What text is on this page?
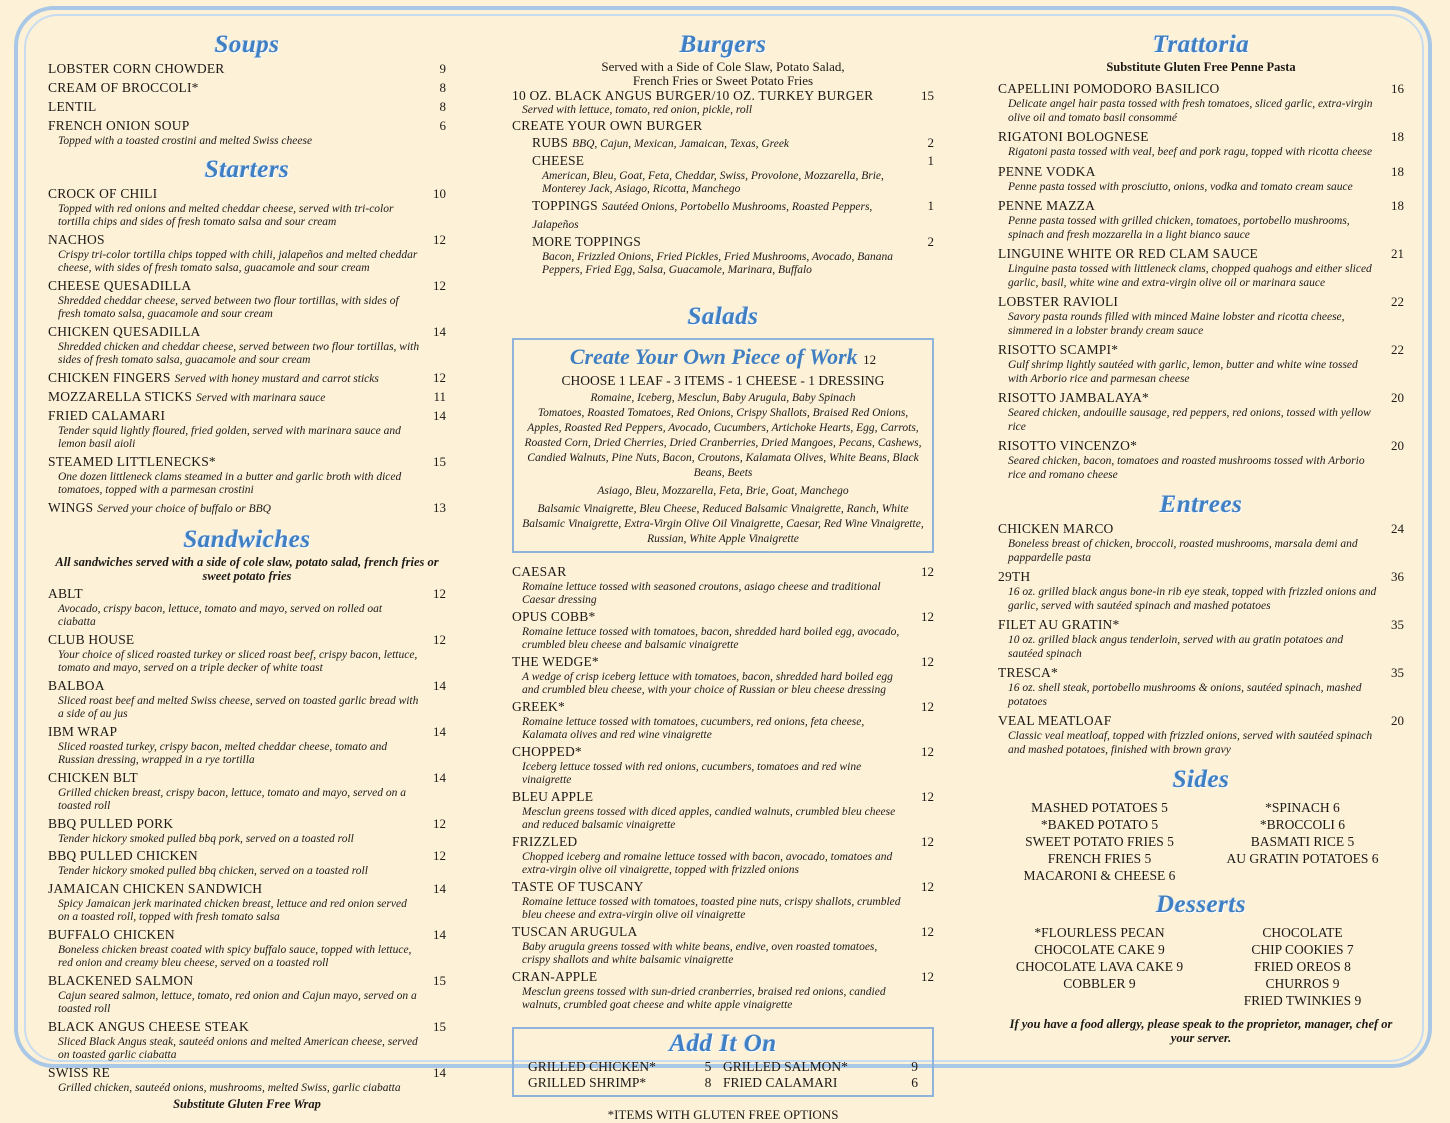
Soups
LOBSTER CORN CHOWDER	9
CREAM OF BROCCOLI*	8
LENTIL	8
FRENCH ONION SOUP	6
Topped with a toasted crostini and melted Swiss cheese
Starters
CROCK OF CHILI	10
Topped with red onions and melted cheddar cheese, served with tri-color tortilla chips and sides of fresh tomato salsa and sour cream
NACHOS	12
Crispy tri-color tortilla chips topped with chili, jalapeños and melted cheddar cheese, with sides of fresh tomato salsa, guacamole and sour cream
CHEESE QUESADILLA	12
Shredded cheddar cheese, served between two flour tortillas, with sides of fresh tomato salsa, guacamole and sour cream
CHICKEN QUESADILLA	14
Shredded chicken and cheddar cheese, served between two flour tortillas, with sides of fresh tomato salsa, guacamole and sour cream
CHICKEN FINGERS Served with honey mustard and carrot sticks	12
MOZZARELLA STICKS Served with marinara sauce	11
FRIED CALAMARI	14
Tender squid lightly floured, fried golden, served with marinara sauce and lemon basil aioli
STEAMED LITTLENECKS*	15
One dozen littleneck clams steamed in a butter and garlic broth with diced tomatoes, topped with a parmesan crostini
WINGS Served your choice of buffalo or BBQ	13
Sandwiches
All sandwiches served with a side of cole slaw, potato salad, french fries or sweet potato fries
ABLT	12
Avocado, crispy bacon, lettuce, tomato and mayo, served on rolled oat ciabatta
CLUB HOUSE	12
Your choice of sliced roasted turkey or sliced roast beef, crispy bacon, lettuce, tomato and mayo, served on a triple decker of white toast
BALBOA	14
Sliced roast beef and melted Swiss cheese, served on toasted garlic bread with a side of au jus
IBM WRAP	14
Sliced roasted turkey, crispy bacon, melted cheddar cheese, tomato and Russian dressing, wrapped in a rye tortilla
CHICKEN BLT	14
Grilled chicken breast, crispy bacon, lettuce, tomato and mayo, served on a toasted roll
BBQ PULLED PORK	12
Tender hickory smoked pulled bbq pork, served on a toasted roll
BBQ PULLED CHICKEN	12
Tender hickory smoked pulled bbq chicken, served on a toasted roll
JAMAICAN CHICKEN SANDWICH	14
Spicy Jamaican jerk marinated chicken breast, lettuce and red onion served on a toasted roll, topped with fresh tomato salsa
BUFFALO CHICKEN	14
Boneless chicken breast coated with spicy buffalo sauce, topped with lettuce, red onion and creamy bleu cheese, served on a toasted roll
BLACKENED SALMON	15
Cajun seared salmon, lettuce, tomato, red onion and Cajun mayo, served on a toasted roll
BLACK ANGUS CHEESE STEAK	15
Sliced Black Angus steak, sauteéd onions and melted American cheese, served on toasted garlic ciabatta
SWISS RE	14
Grilled chicken, sauteéd onions, mushrooms, melted Swiss, garlic ciabatta
Substitute Gluten Free Wrap
Burgers
Served with a Side of Cole Slaw, Potato Salad, French Fries or Sweet Potato Fries
10 OZ. BLACK ANGUS BURGER/10 OZ. TURKEY BURGER	15
Served with lettuce, tomato, red onion, pickle, roll
CREATE YOUR OWN BURGER
RUBS BBQ, Cajun, Mexican, Jamaican, Texas, Greek	2
CHEESE	1
American, Bleu, Goat, Feta, Cheddar, Swiss, Provolone, Mozzarella, Brie, Monterey Jack, Asiago, Ricotta, Manchego
TOPPINGS Sautéed Onions, Portobello Mushrooms, Roasted Peppers, Jalapeños
1
MORE TOPPINGS	2
Bacon, Frizzled Onions, Fried Pickles, Fried Mushrooms, Avocado, Banana Peppers, Fried Egg, Salsa, Guacamole, Marinara, Buffalo
Salads
Create Your Own Piece of Work 12
CHOOSE 1 LEAF - 3 ITEMS - 1 CHEESE - 1 DRESSING
Romaine, Iceberg, Mesclun, Baby Arugula, Baby Spinach
Tomatoes, Roasted Tomatoes, Red Onions, Crispy Shallots, Braised Red Onions, Apples, Roasted Red Peppers, Avocado, Cucumbers, Artichoke Hearts, Egg, Carrots, Roasted Corn, Dried Cherries, Dried Cranberries, Dried Mangoes, Pecans, Cashews, Candied Walnuts, Pine Nuts, Bacon, Croutons, Kalamata Olives, White Beans, Black Beans, Beets
Asiago, Bleu, Mozzarella, Feta, Brie, Goat, Manchego
Balsamic Vinaigrette, Bleu Cheese, Reduced Balsamic Vinaigrette, Ranch, White Balsamic Vinaigrette, Extra-Virgin Olive Oil Vinaigrette, Caesar, Red Wine Vinaigrette, Russian, White Apple Vinaigrette
CAESAR	12
Romaine lettuce tossed with seasoned croutons, asiago cheese and traditional Caesar dressing
OPUS COBB*	12
Romaine lettuce tossed with tomatoes, bacon, shredded hard boiled egg, avocado, crumbled bleu cheese and balsamic vinaigrette
THE WEDGE*	12
A wedge of crisp iceberg lettuce with tomatoes, bacon, shredded hard boiled egg and crumbled bleu cheese, with your choice of Russian or bleu cheese dressing
GREEK*	12
Romaine lettuce tossed with tomatoes, cucumbers, red onions, feta cheese, Kalamata olives and red wine vinaigrette
CHOPPED*	12
Iceberg lettuce tossed with red onions, cucumbers, tomatoes and red wine vinaigrette
BLEU APPLE	12
Mesclun greens tossed with diced apples, candied walnuts, crumbled bleu cheese and reduced balsamic vinaigrette
FRIZZLED	12
Chopped iceberg and romaine lettuce tossed with bacon, avocado, tomatoes and extra-virgin olive oil vinaigrette, topped with frizzled onions
TASTE OF TUSCANY	12
Romaine lettuce tossed with tomatoes, toasted pine nuts, crispy shallots, crumbled bleu cheese and extra-virgin olive oil vinaigrette
TUSCAN ARUGULA	12
Baby arugula greens tossed with white beans, endive, oven roasted tomatoes, crispy shallots and white balsamic vinaigrette
CRAN-APPLE	12
Mesclun greens tossed with sun-dried cranberries, braised red onions, candied walnuts, crumbled goat cheese and white apple vinaigrette
Add It On
GRILLED CHICKEN*	5 GRILLED SALMON*	9
GRILLED SHRIMP*	8 FRIED CALAMARI	6
*ITEMS WITH GLUTEN FREE OPTIONS
Trattoria
Substitute Gluten Free Penne Pasta
CAPELLINI POMODORO BASILICO	16
Delicate angel hair pasta tossed with fresh tomatoes, sliced garlic, extra-virgin olive oil and tomato basil consommé
RIGATONI BOLOGNESE	18
Rigatoni pasta tossed with veal, beef and pork ragu, topped with ricotta cheese
PENNE VODKA	18
Penne pasta tossed with prosciutto, onions, vodka and tomato cream sauce
PENNE MAZZA	18
Penne pasta tossed with grilled chicken, tomatoes, portobello mushrooms, spinach and fresh mozzarella in a light bianco sauce
LINGUINE WHITE OR RED CLAM SAUCE	21
Linguine pasta tossed with littleneck clams, chopped quahogs and either sliced garlic, basil, white wine and extra-virgin olive oil or marinara sauce
LOBSTER RAVIOLI	22
Savory pasta rounds filled with minced Maine lobster and ricotta cheese, simmered in a lobster brandy cream sauce
RISOTTO SCAMPI*	22
Gulf shrimp lightly sautéed with garlic, lemon, butter and white wine tossed with Arborio rice and parmesan cheese
RISOTTO JAMBALAYA*	20
Seared chicken, andouille sausage, red peppers, red onions, tossed with yellow rice
RISOTTO VINCENZO*	20
Seared chicken, bacon, tomatoes and roasted mushrooms tossed with Arborio rice and romano cheese
Entrees
CHICKEN MARCO	24
Boneless breast of chicken, broccoli, roasted mushrooms, marsala demi and pappardelle pasta
29TH	36
16 oz. grilled black angus bone-in rib eye steak, topped with frizzled onions and garlic, served with sautéed spinach and mashed potatoes
FILET AU GRATIN*	35
10 oz. grilled black angus tenderloin, served with au gratin potatoes and sautéed spinach
TRESCA*	35
16 oz. shell steak, portobello mushrooms & onions, sautéed spinach, mashed potatoes
VEAL MEATLOAF	20
Classic veal meatloaf, topped with frizzled onions, served with sautéed spinach and mashed potatoes, finished with brown gravy
Sides
MASHED POTATOES 5	*SPINACH 6
*BAKED POTATO 5	*BROCCOLI 6
SWEET POTATO FRIES 5	BASMATI RICE 5
FRENCH FRIES 5	AU GRATIN POTATOES 6
MACARONI & CHEESE 6
Desserts
*FLOURLESS PECAN	CHOCOLATE
CHOCOLATE CAKE 9	CHIP COOKIES 7
CHOCOLATE LAVA CAKE 9	FRIED OREOS 8
COBBLER 9	CHURROS 9
FRIED TWINKIES 9
If you have a food allergy, please speak to the proprietor, manager, chef or your server.
